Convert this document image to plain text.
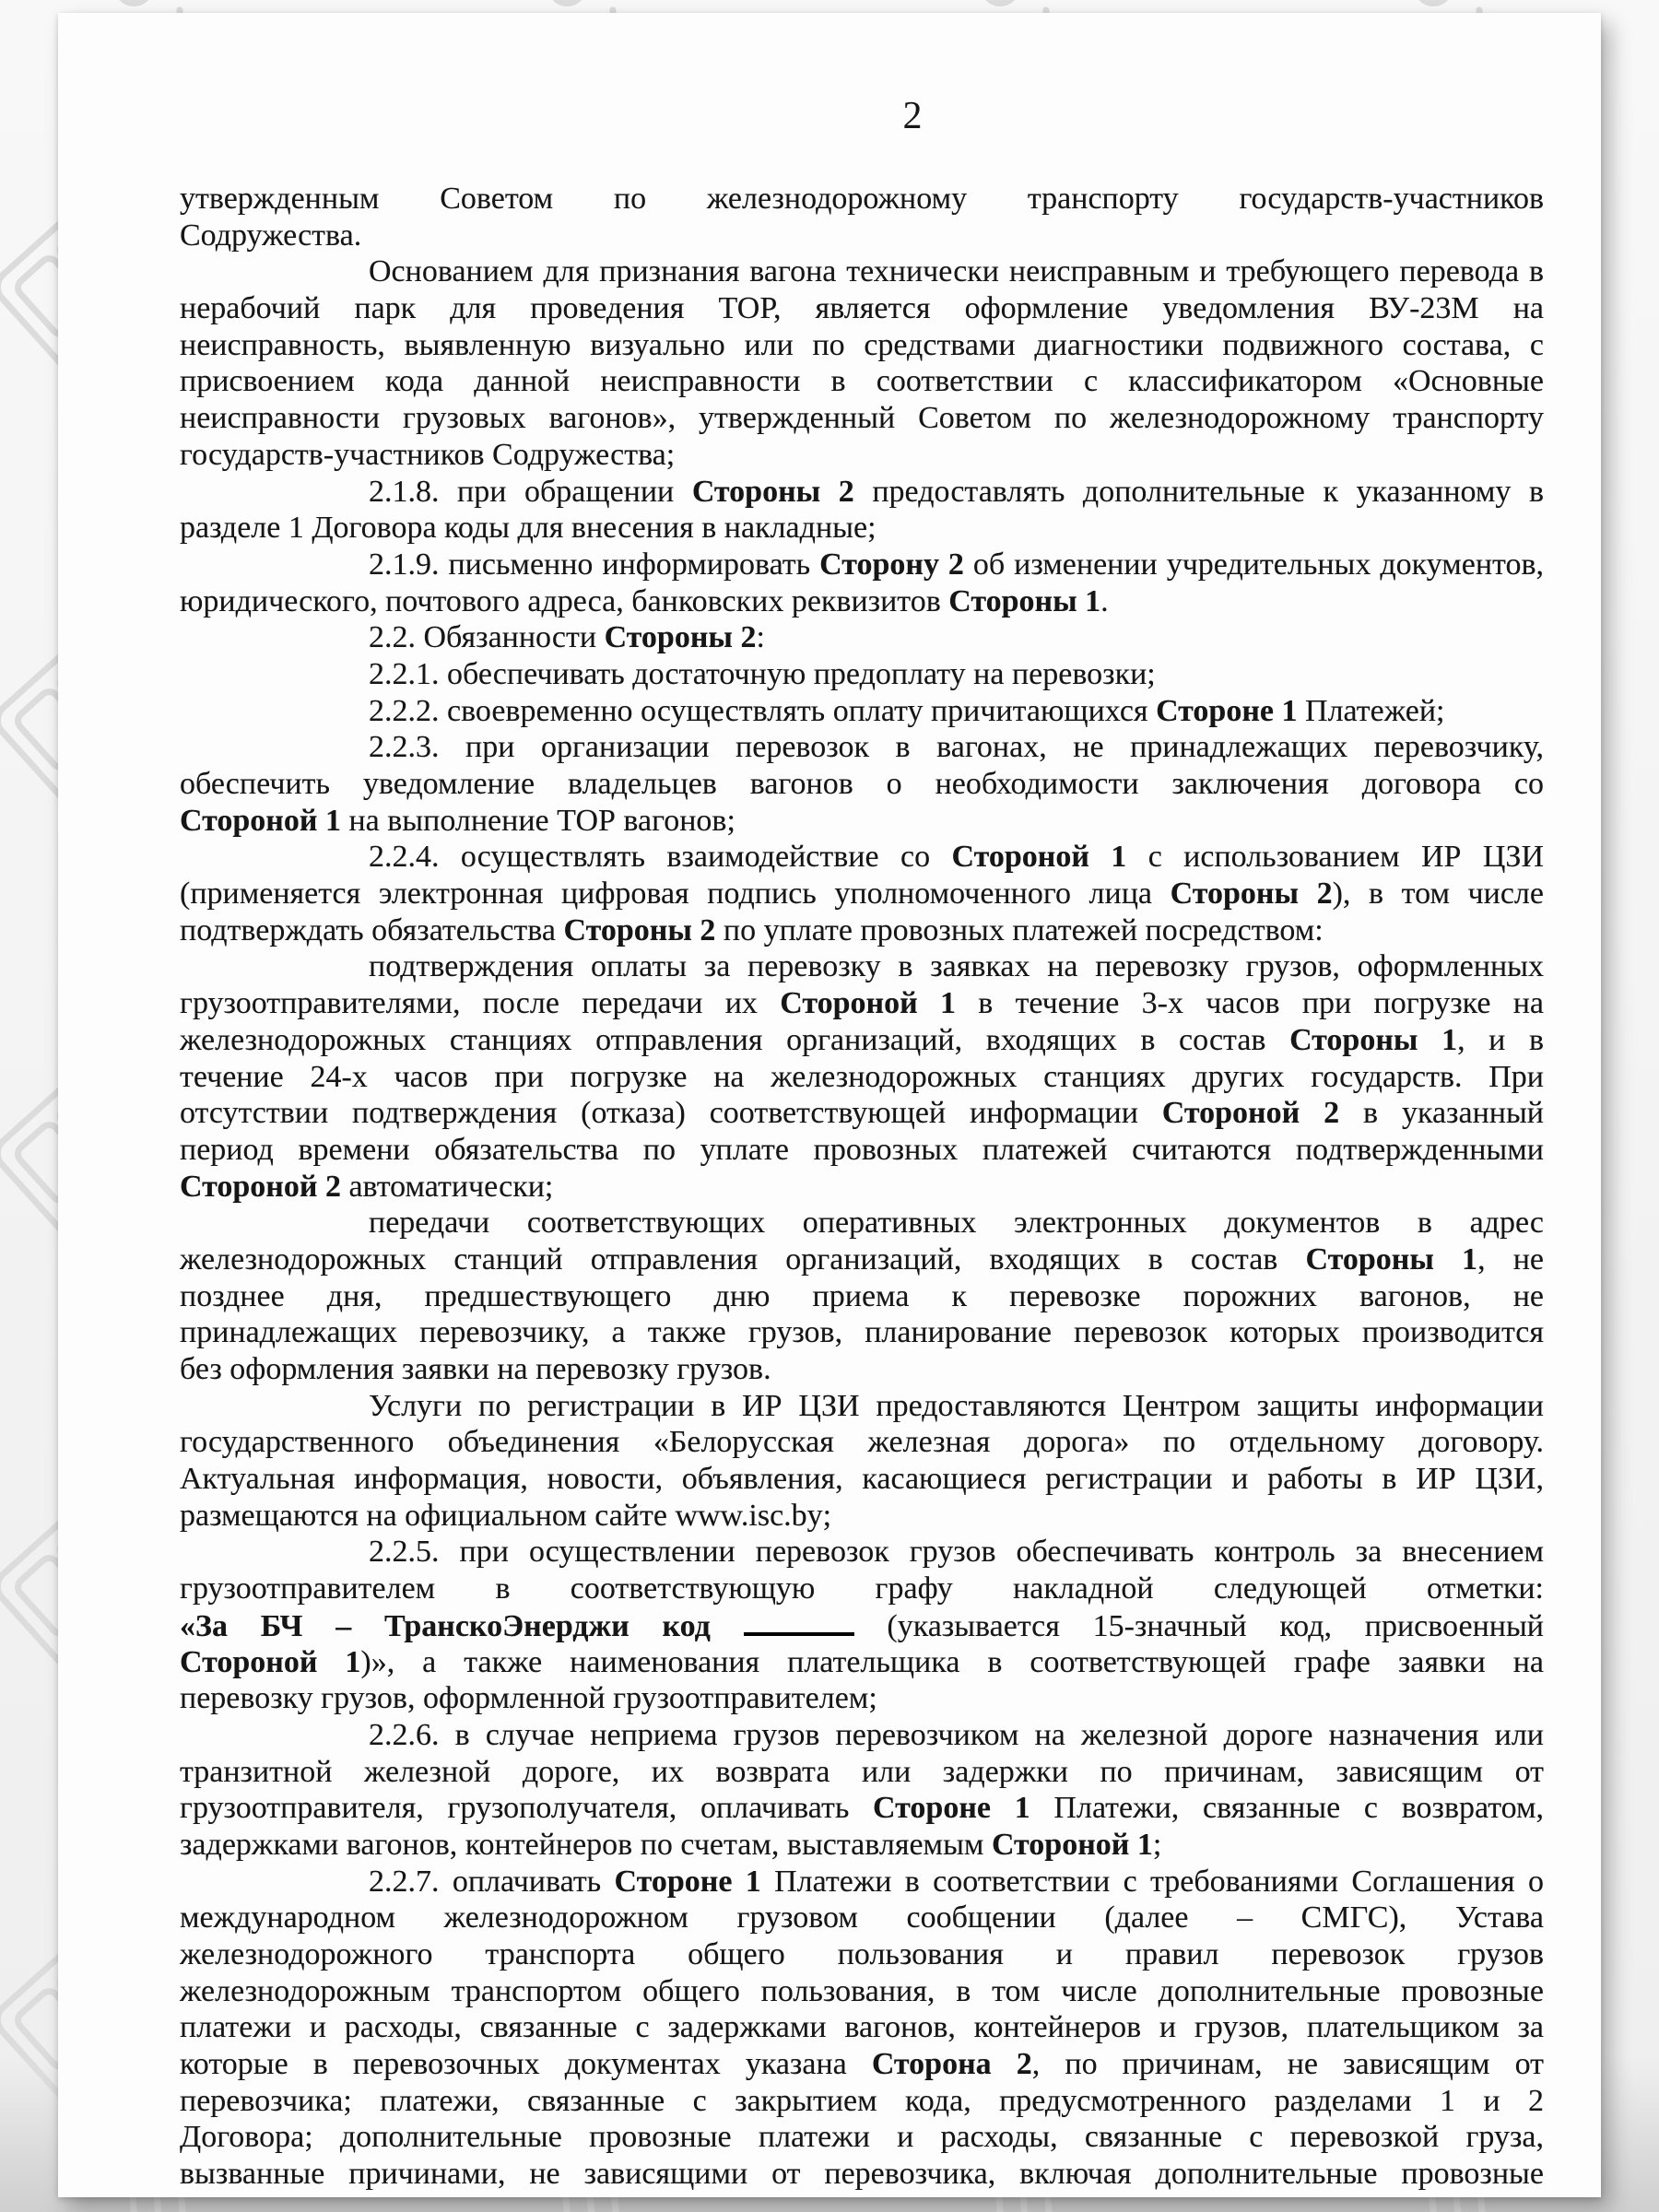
2
утвержденным Советом по железнодорожному транспорту государств-участников
Содружества.
Основанием для признания вагона технически неисправным и требующего перевода в
нерабочий парк для проведения ТОР, является оформление уведомления ВУ-23М на
неисправность, выявленную визуально или по средствами диагностики подвижного состава, с
присвоением кода данной неисправности в соответствии с классификатором «Основные
неисправности грузовых вагонов», утвержденный Советом по железнодорожному транспорту
государств-участников Содружества;
2.1.8. при обращении Стороны 2 предоставлять дополнительные к указанному в
разделе 1 Договора коды для внесения в накладные;
2.1.9. письменно информировать Сторону 2 об изменении учредительных документов,
юридического, почтового адреса, банковских реквизитов Стороны 1.
2.2. Обязанности Стороны 2:
2.2.1. обеспечивать достаточную предоплату на перевозки;
2.2.2. своевременно осуществлять оплату причитающихся Стороне 1 Платежей;
2.2.3. при организации перевозок в вагонах, не принадлежащих перевозчику,
обеспечить уведомление владельцев вагонов о необходимости заключения договора со
Стороной 1 на выполнение ТОР вагонов;
2.2.4. осуществлять взаимодействие со Стороной 1 с использованием ИР ЦЗИ
(применяется электронная цифровая подпись уполномоченного лица Стороны 2), в том числе
подтверждать обязательства Стороны 2 по уплате провозных платежей посредством:
подтверждения оплаты за перевозку в заявках на перевозку грузов, оформленных
грузоотправителями, после передачи их Стороной 1 в течение 3-х часов при погрузке на
железнодорожных станциях отправления организаций, входящих в состав Стороны 1, и в
течение 24-х часов при погрузке на железнодорожных станциях других государств. При
отсутствии подтверждения (отказа) соответствующей информации Стороной 2 в указанный
период времени обязательства по уплате провозных платежей считаются подтвержденными
Стороной 2 автоматически;
передачи соответствующих оперативных электронных документов в адрес
железнодорожных станций отправления организаций, входящих в состав Стороны 1, не
позднее дня, предшествующего дню приема к перевозке порожних вагонов, не
принадлежащих перевозчику, а также грузов, планирование перевозок которых производится
без оформления заявки на перевозку грузов.
Услуги по регистрации в ИР ЦЗИ предоставляются Центром защиты информации
государственного объединения «Белорусская железная дорога» по отдельному договору.
Актуальная информация, новости, объявления, касающиеся регистрации и работы в ИР ЦЗИ,
размещаются на официальном сайте www.isc.by;
2.2.5. при осуществлении перевозок грузов обеспечивать контроль за внесением
грузоотправителем в соответствующую графу накладной следующей отметки:
«За БЧ – ТранскоЭнерджи код	(указывается 15-значный код, присвоенный
Стороной 1)», а также наименования плательщика в соответствующей графе заявки на
перевозку грузов, оформленной грузоотправителем;
2.2.6. в случае неприема грузов перевозчиком на железной дороге назначения или
транзитной железной дороге, их возврата или задержки по причинам, зависящим от
грузоотправителя, грузополучателя, оплачивать Стороне 1 Платежи, связанные с возвратом,
задержками вагонов, контейнеров по счетам, выставляемым Стороной 1;
2.2.7. оплачивать Стороне 1 Платежи в соответствии с требованиями Соглашения о
международном железнодорожном грузовом сообщении (далее – СМГС), Устава
железнодорожного транспорта общего пользования и правил перевозок грузов
железнодорожным транспортом общего пользования, в том числе дополнительные провозные
платежи и расходы, связанные с задержками вагонов, контейнеров и грузов, плательщиком за
которые в перевозочных документах указана Сторона 2, по причинам, не зависящим от
перевозчика; платежи, связанные с закрытием кода, предусмотренного разделами 1 и 2
Договора; дополнительные провозные платежи и расходы, связанные с перевозкой груза,
вызванные причинами, не зависящими от перевозчика, включая дополнительные провозные
